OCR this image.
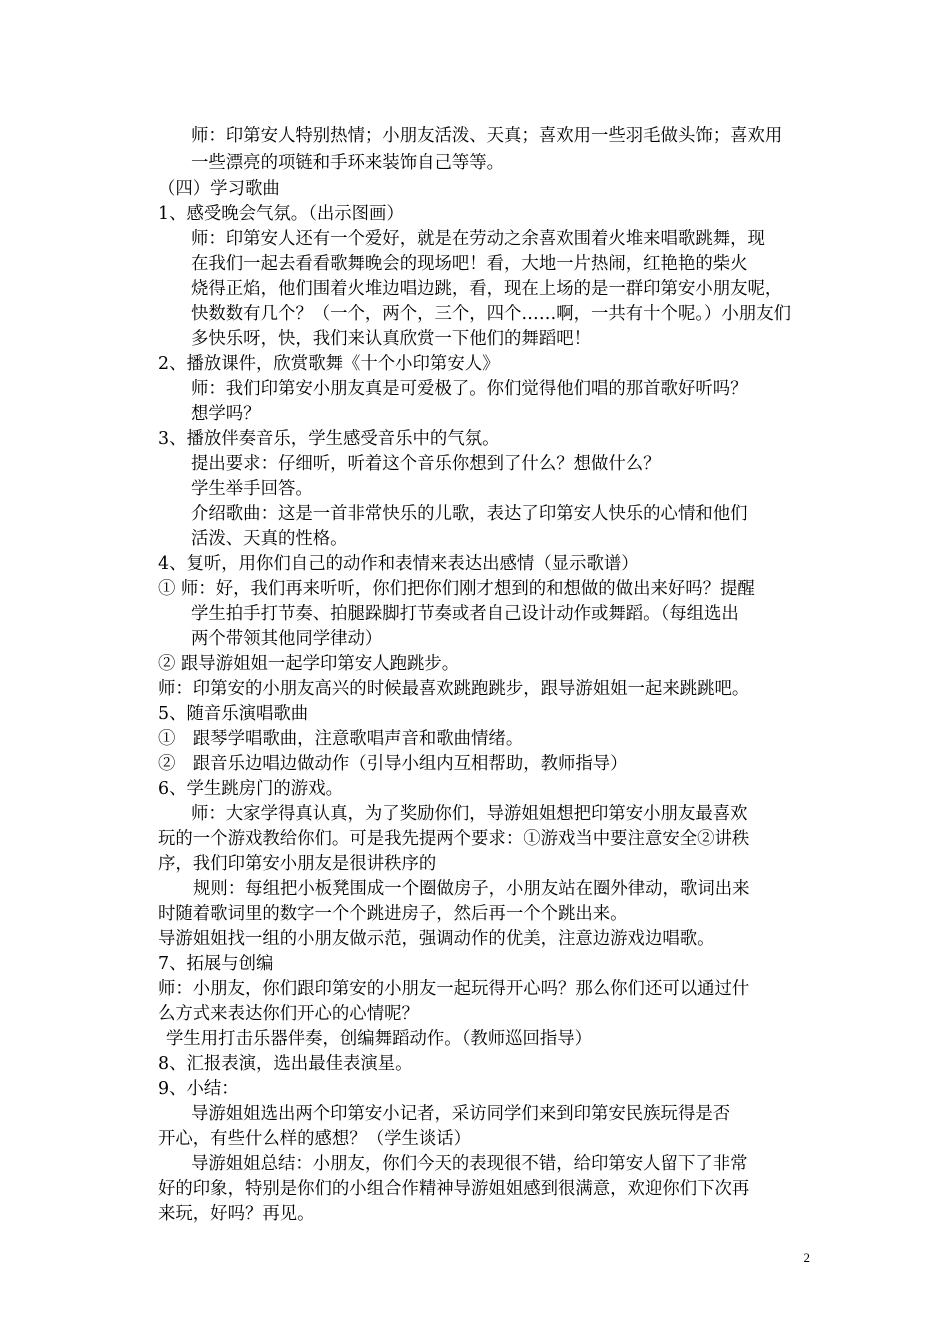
师：印第安人特别热情；小朋友活泼、天真；喜欢用一些羽毛做头饰；喜欢用

一些漂亮的项链和手环来装饰自己等等。

（四）学习歌曲

1、感受晚会气氛。（出示图画）

师：印第安人还有一个爱好，就是在劳动之余喜欢围着火堆来唱歌跳舞，现

在我们一起去看看歌舞晚会的现场吧！看，大地一片热闹，红艳艳的柴火

烧得正焰，他们围着火堆边唱边跳，看，现在上场的是一群印第安小朋友呢，

快数数有几个？（一个，两个，三个，四个……啊，一共有十个呢。）小朋友们

多快乐呀，快，我们来认真欣赏一下他们的舞蹈吧！

2、播放课件，欣赏歌舞《十个小印第安人》

师：我们印第安小朋友真是可爱极了。你们觉得他们唱的那首歌好听吗？

想学吗？

3、播放伴奏音乐，学生感受音乐中的气氛。

提出要求：仔细听，听着这个音乐你想到了什么？想做什么？

学生举手回答。

介绍歌曲：这是一首非常快乐的儿歌，表达了印第安人快乐的心情和他们

活泼、天真的性格。

4、复听，用你们自己的动作和表情来表达出感情（显示歌谱）

① 师：好，我们再来听听，你们把你们刚才想到的和想做的做出来好吗？提醒

学生拍手打节奏、拍腿跺脚打节奏或者自己设计动作或舞蹈。（每组选出

两个带领其他同学律动）

② 跟导游姐姐一起学印第安人跑跳步。

师：印第安的小朋友高兴的时候最喜欢跳跑跳步，跟导游姐姐一起来跳跳吧。

5、随音乐演唱歌曲

①　跟琴学唱歌曲，注意歌唱声音和歌曲情绪。

②　跟音乐边唱边做动作（引导小组内互相帮助，教师指导）

6、学生跳房门的游戏。

师：大家学得真认真，为了奖励你们，导游姐姐想把印第安小朋友最喜欢

玩的一个游戏教给你们。可是我先提两个要求：①游戏当中要注意安全②讲秩

序，我们印第安小朋友是很讲秩序的

规则：每组把小板凳围成一个圈做房子，小朋友站在圈外律动，歌词出来

时随着歌词里的数字一个个跳进房子，然后再一个个跳出来。

导游姐姐找一组的小朋友做示范，强调动作的优美，注意边游戏边唱歌。

7、拓展与创编

师：小朋友，你们跟印第安的小朋友一起玩得开心吗？那么你们还可以通过什

么方式来表达你们开心的心情呢？

学生用打击乐器伴奏，创编舞蹈动作。（教师巡回指导）

8、汇报表演，选出最佳表演星。

9、小结：

导游姐姐选出两个印第安小记者，采访同学们来到印第安民族玩得是否

开心，有些什么样的感想？（学生谈话）

导游姐姐总结：小朋友，你们今天的表现很不错，给印第安人留下了非常

好的印象，特别是你们的小组合作精神导游姐姐感到很满意，欢迎你们下次再

来玩，好吗？再见。

2
